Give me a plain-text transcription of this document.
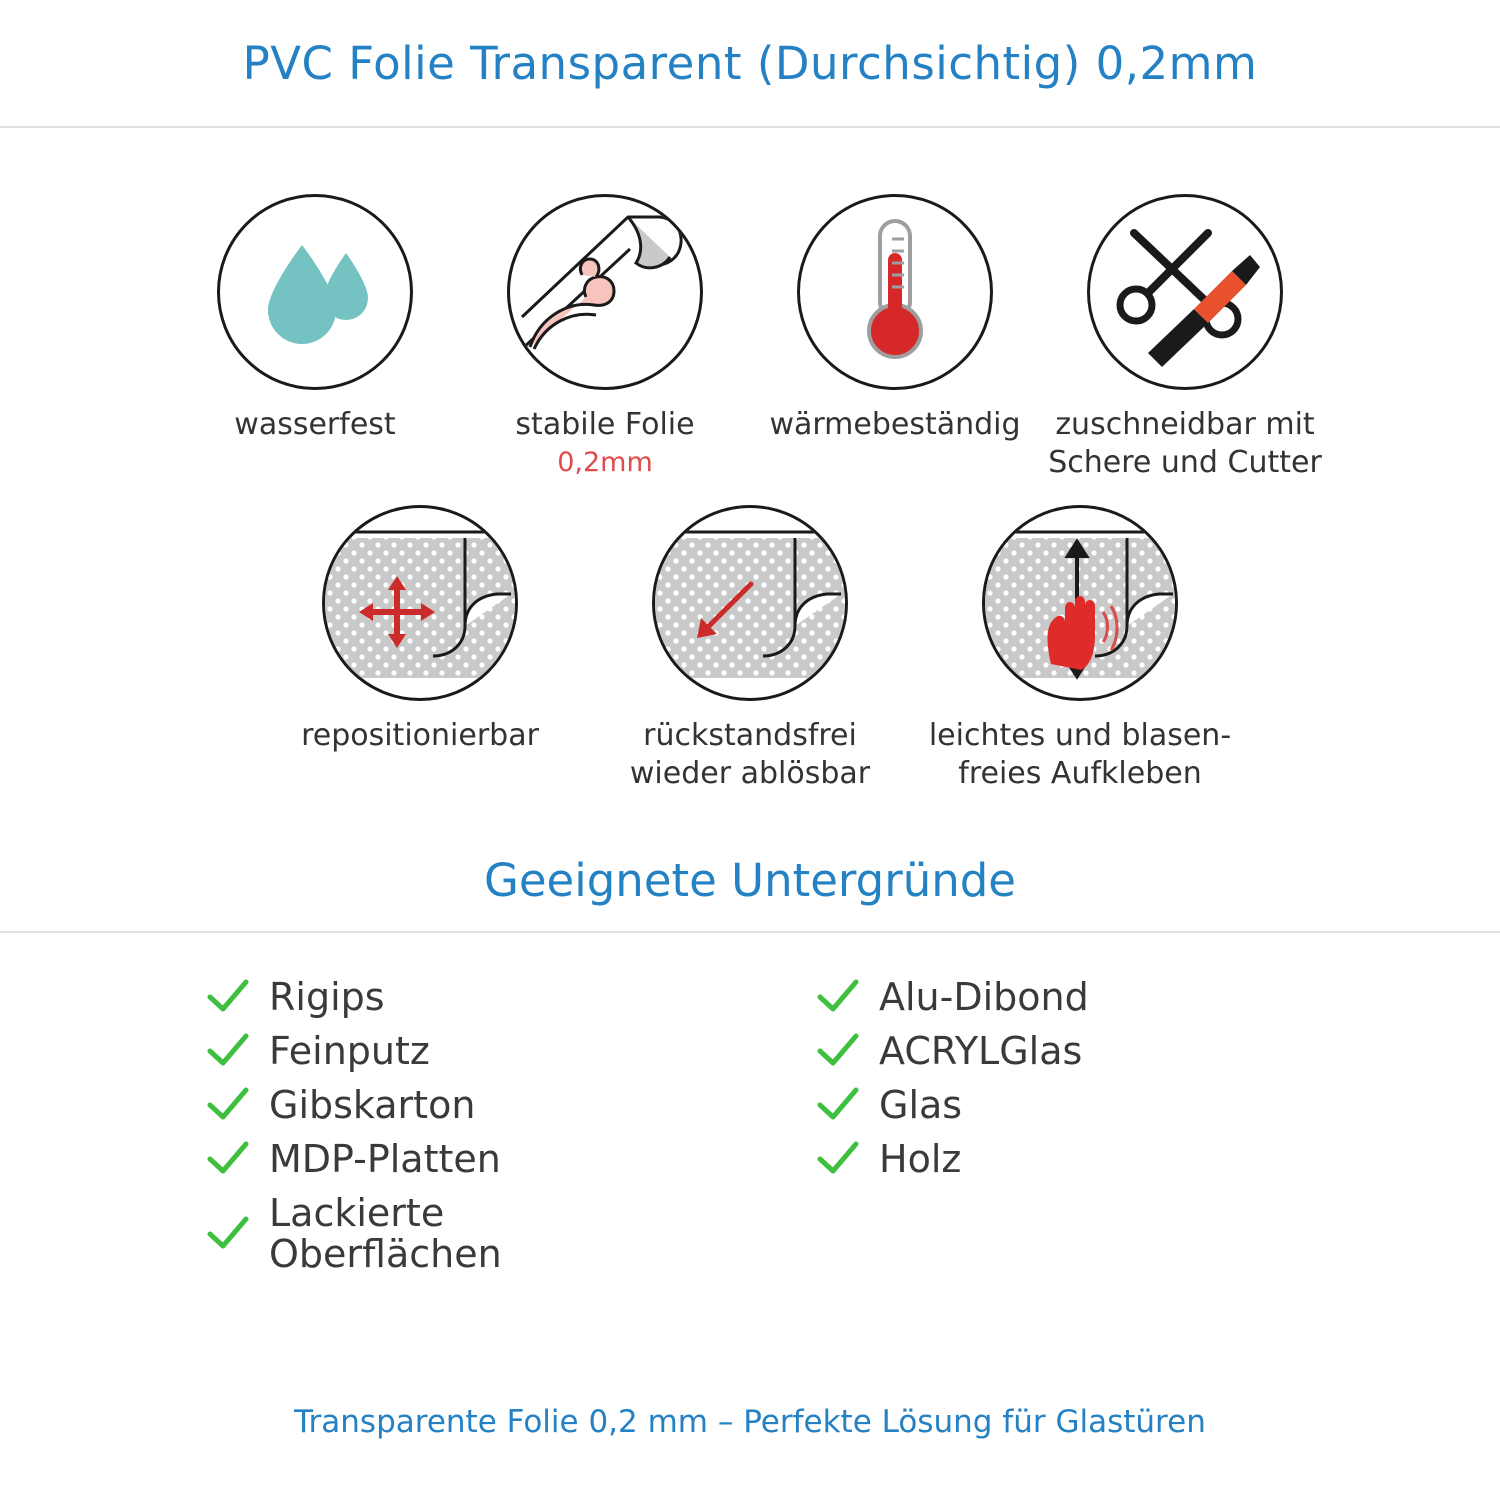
PVC Folie Transparent (Durchsichtig) 0,2mm
wasserfest	stabile Folie
0,2mm
wärmebeständig	zuschneidbar mit Schere und Cutter
repositionierbar	rückstandsfrei wieder ablösbar
leichtes und blasen- freies Aufkleben
Geeignete Untergründe
Rigips
Feinputz
Gibskarton
MDP-Platten
Lackierte Oberflächen
Alu-Dibond
ACRYLGlas
Glas
Holz
Transparente Folie 0,2 mm – Perfekte Lösung für Glastüren
